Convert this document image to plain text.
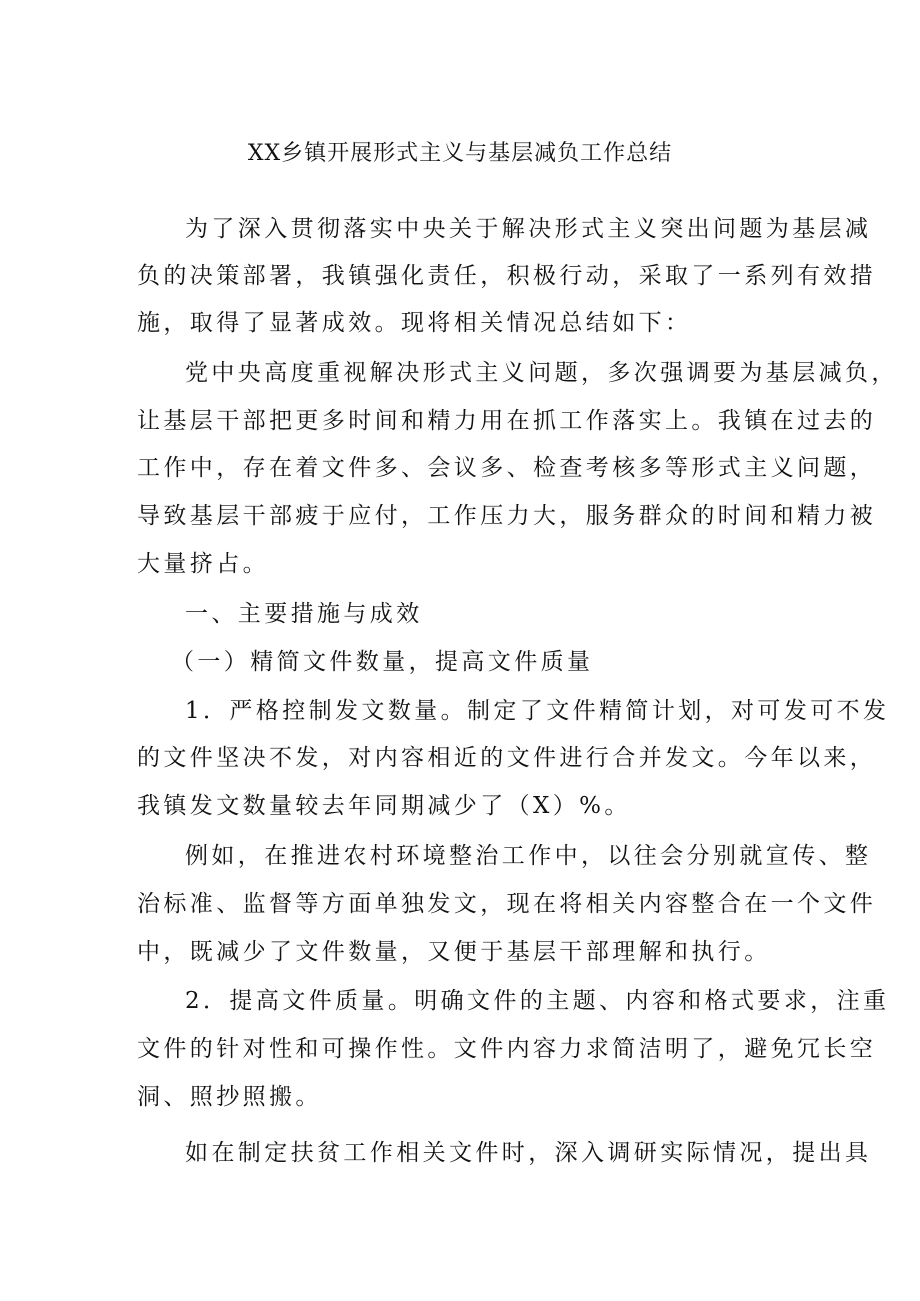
XX乡镇开展形式主义与基层减负工作总结
为了深入贯彻落实中央关于解决形式主义突出问题为基层减
负的决策部署，我镇强化责任，积极行动，采取了一系列有效措
施，取得了显著成效。现将相关情况总结如下：
党中央高度重视解决形式主义问题，多次强调要为基层减负，
让基层干部把更多时间和精力用在抓工作落实上。我镇在过去的
工作中，存在着文件多、会议多、检查考核多等形式主义问题，
导致基层干部疲于应付，工作压力大，服务群众的时间和精力被
大量挤占。
一、主要措施与成效
（一）精简文件数量，提高文件质量
1．严格控制发文数量。制定了文件精简计划，对可发可不发
的文件坚决不发，对内容相近的文件进行合并发文。今年以来，
我镇发文数量较去年同期减少了（X）%。
例如，在推进农村环境整治工作中，以往会分别就宣传、整
治标准、监督等方面单独发文，现在将相关内容整合在一个文件
中，既减少了文件数量，又便于基层干部理解和执行。
2．提高文件质量。明确文件的主题、内容和格式要求，注重
文件的针对性和可操作性。文件内容力求简洁明了，避免冗长空
洞、照抄照搬。
如在制定扶贫工作相关文件时，深入调研实际情况，提出具
